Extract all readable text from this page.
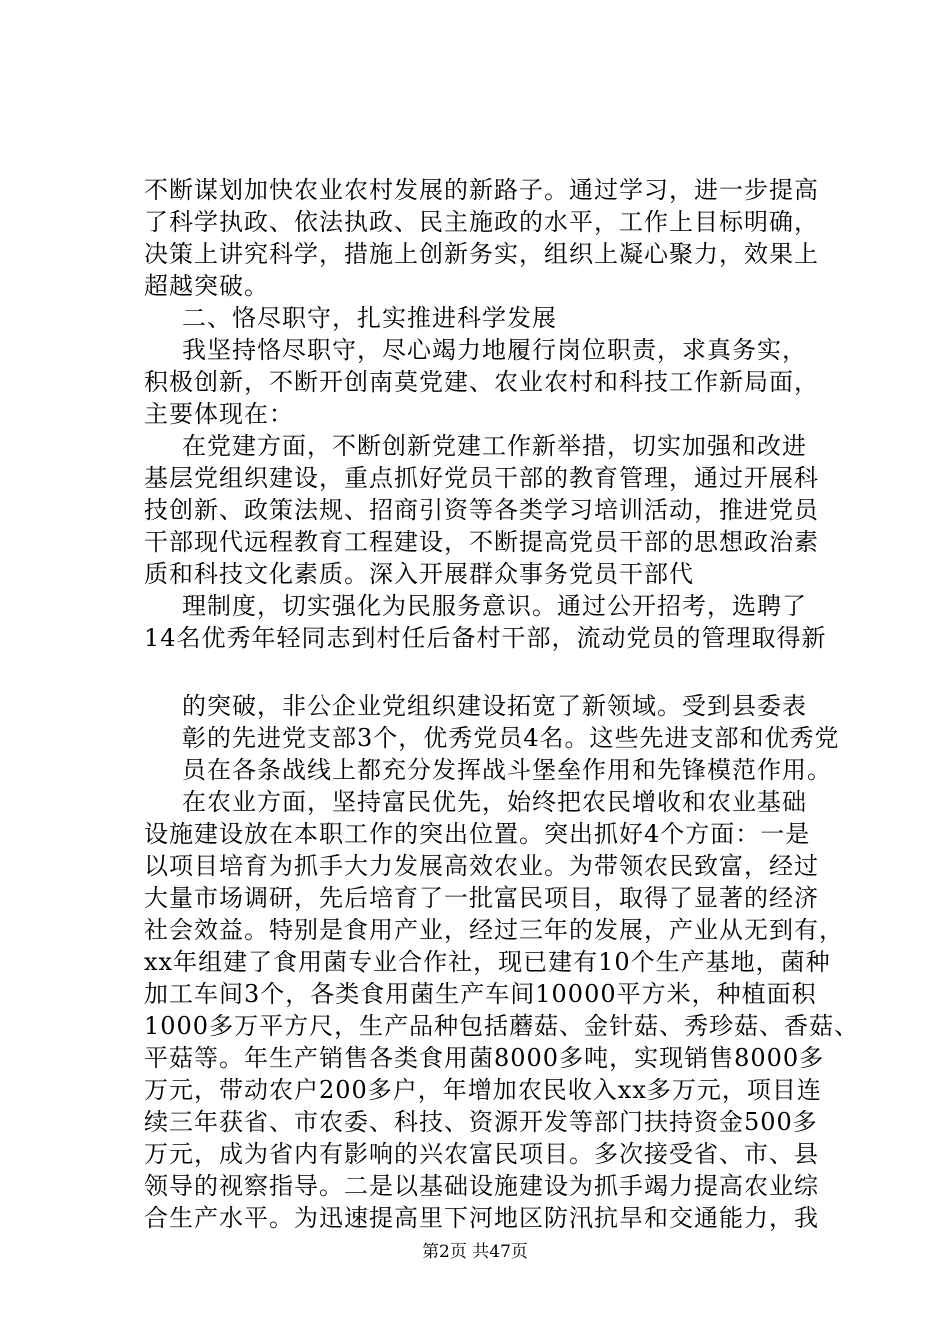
不断谋划加快农业农村发展的新路子。通过学习，进一步提高
了科学执政、依法执政、民主施政的水平，工作上目标明确，
决策上讲究科学，措施上创新务实，组织上凝心聚力，效果上
超越突破。
二、恪尽职守，扎实推进科学发展
我坚持恪尽职守，尽心竭力地履行岗位职责，求真务实，
积极创新，不断开创南莫党建、农业农村和科技工作新局面，
主要体现在：
在党建方面，不断创新党建工作新举措，切实加强和改进
基层党组织建设，重点抓好党员干部的教育管理，通过开展科
技创新、政策法规、招商引资等各类学习培训活动，推进党员
干部现代远程教育工程建设，不断提高党员干部的思想政治素
质和科技文化素质。深入开展群众事务党员干部代
理制度，切实强化为民服务意识。通过公开招考，选聘了
14名优秀年轻同志到村任后备村干部，流动党员的管理取得新
的突破，非公企业党组织建设拓宽了新领域。受到县委表
彰的先进党支部3个，优秀党员4名。这些先进支部和优秀党
员在各条战线上都充分发挥战斗堡垒作用和先锋模范作用。
在农业方面，坚持富民优先，始终把农民增收和农业基础
设施建设放在本职工作的突出位置。突出抓好4个方面：一是
以项目培育为抓手大力发展高效农业。为带领农民致富，经过
大量市场调研，先后培育了一批富民项目，取得了显著的经济
社会效益。特别是食用产业，经过三年的发展，产业从无到有，
xx年组建了食用菌专业合作社，现已建有10个生产基地，菌种
加工车间3个，各类食用菌生产车间10000平方米，种植面积
1000多万平方尺，生产品种包括蘑菇、金针菇、秀珍菇、香菇、
平菇等。年生产销售各类食用菌8000多吨，实现销售8000多
万元，带动农户200多户，年增加农民收入xx多万元，项目连
续三年获省、市农委、科技、资源开发等部门扶持资金500多
万元，成为省内有影响的兴农富民项目。多次接受省、市、县
领导的视察指导。二是以基础设施建设为抓手竭力提高农业综
合生产水平。为迅速提高里下河地区防汛抗旱和交通能力，我
第2页 共47页
